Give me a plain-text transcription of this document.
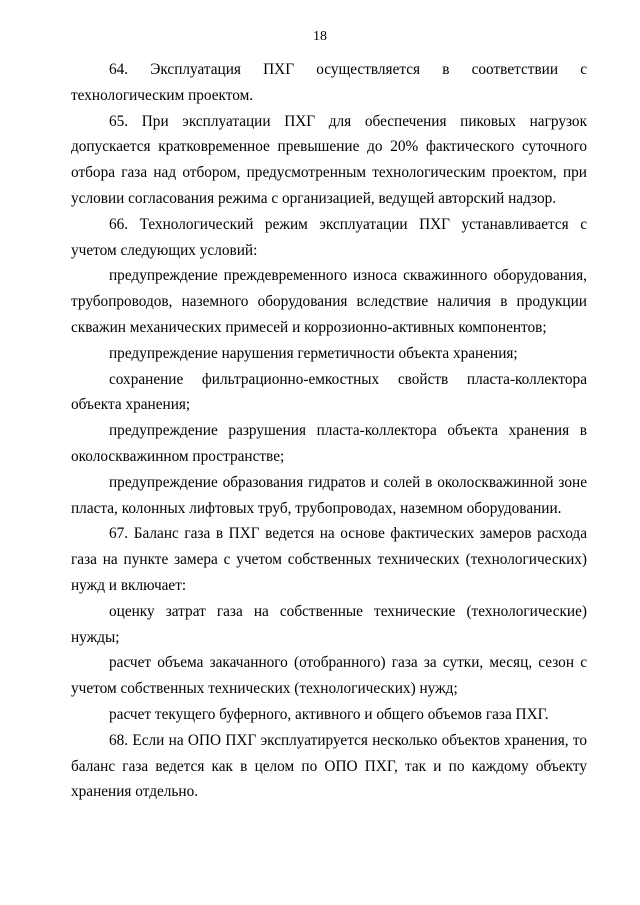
18

64. Эксплуатация ПХГ осуществляется в соответствии с технологическим проектом.

65. При эксплуатации ПХГ для обеспечения пиковых нагрузок допускается кратковременное превышение до 20% фактического суточного отбора газа над отбором, предусмотренным технологическим проектом, при условии согласования режима с организацией, ведущей авторский надзор.

66. Технологический режим эксплуатации ПХГ устанавливается с учетом следующих условий:

предупреждение преждевременного износа скважинного оборудования, трубопроводов, наземного оборудования вследствие наличия в продукции скважин механических примесей и коррозионно-активных компонентов;

предупреждение нарушения герметичности объекта хранения;

сохранение фильтрационно-емкостных свойств пласта-коллектора объекта хранения;

предупреждение разрушения пласта-коллектора объекта хранения в околоскважинном пространстве;

предупреждение образования гидратов и солей в околоскважинной зоне пласта, колонных лифтовых труб, трубопроводах, наземном оборудовании.

67. Баланс газа в ПХГ ведется на основе фактических замеров расхода газа на пункте замера с учетом собственных технических (технологических) нужд и включает:

оценку затрат газа на собственные технические (технологические) нужды;

расчет объема закачанного (отобранного) газа за сутки, месяц, сезон с учетом собственных технических (технологических) нужд;

расчет текущего буферного, активного и общего объемов газа ПХГ.

68. Если на ОПО ПХГ эксплуатируется несколько объектов хранения, то баланс газа ведется как в целом по ОПО ПХГ, так и по каждому объекту хранения отдельно.
